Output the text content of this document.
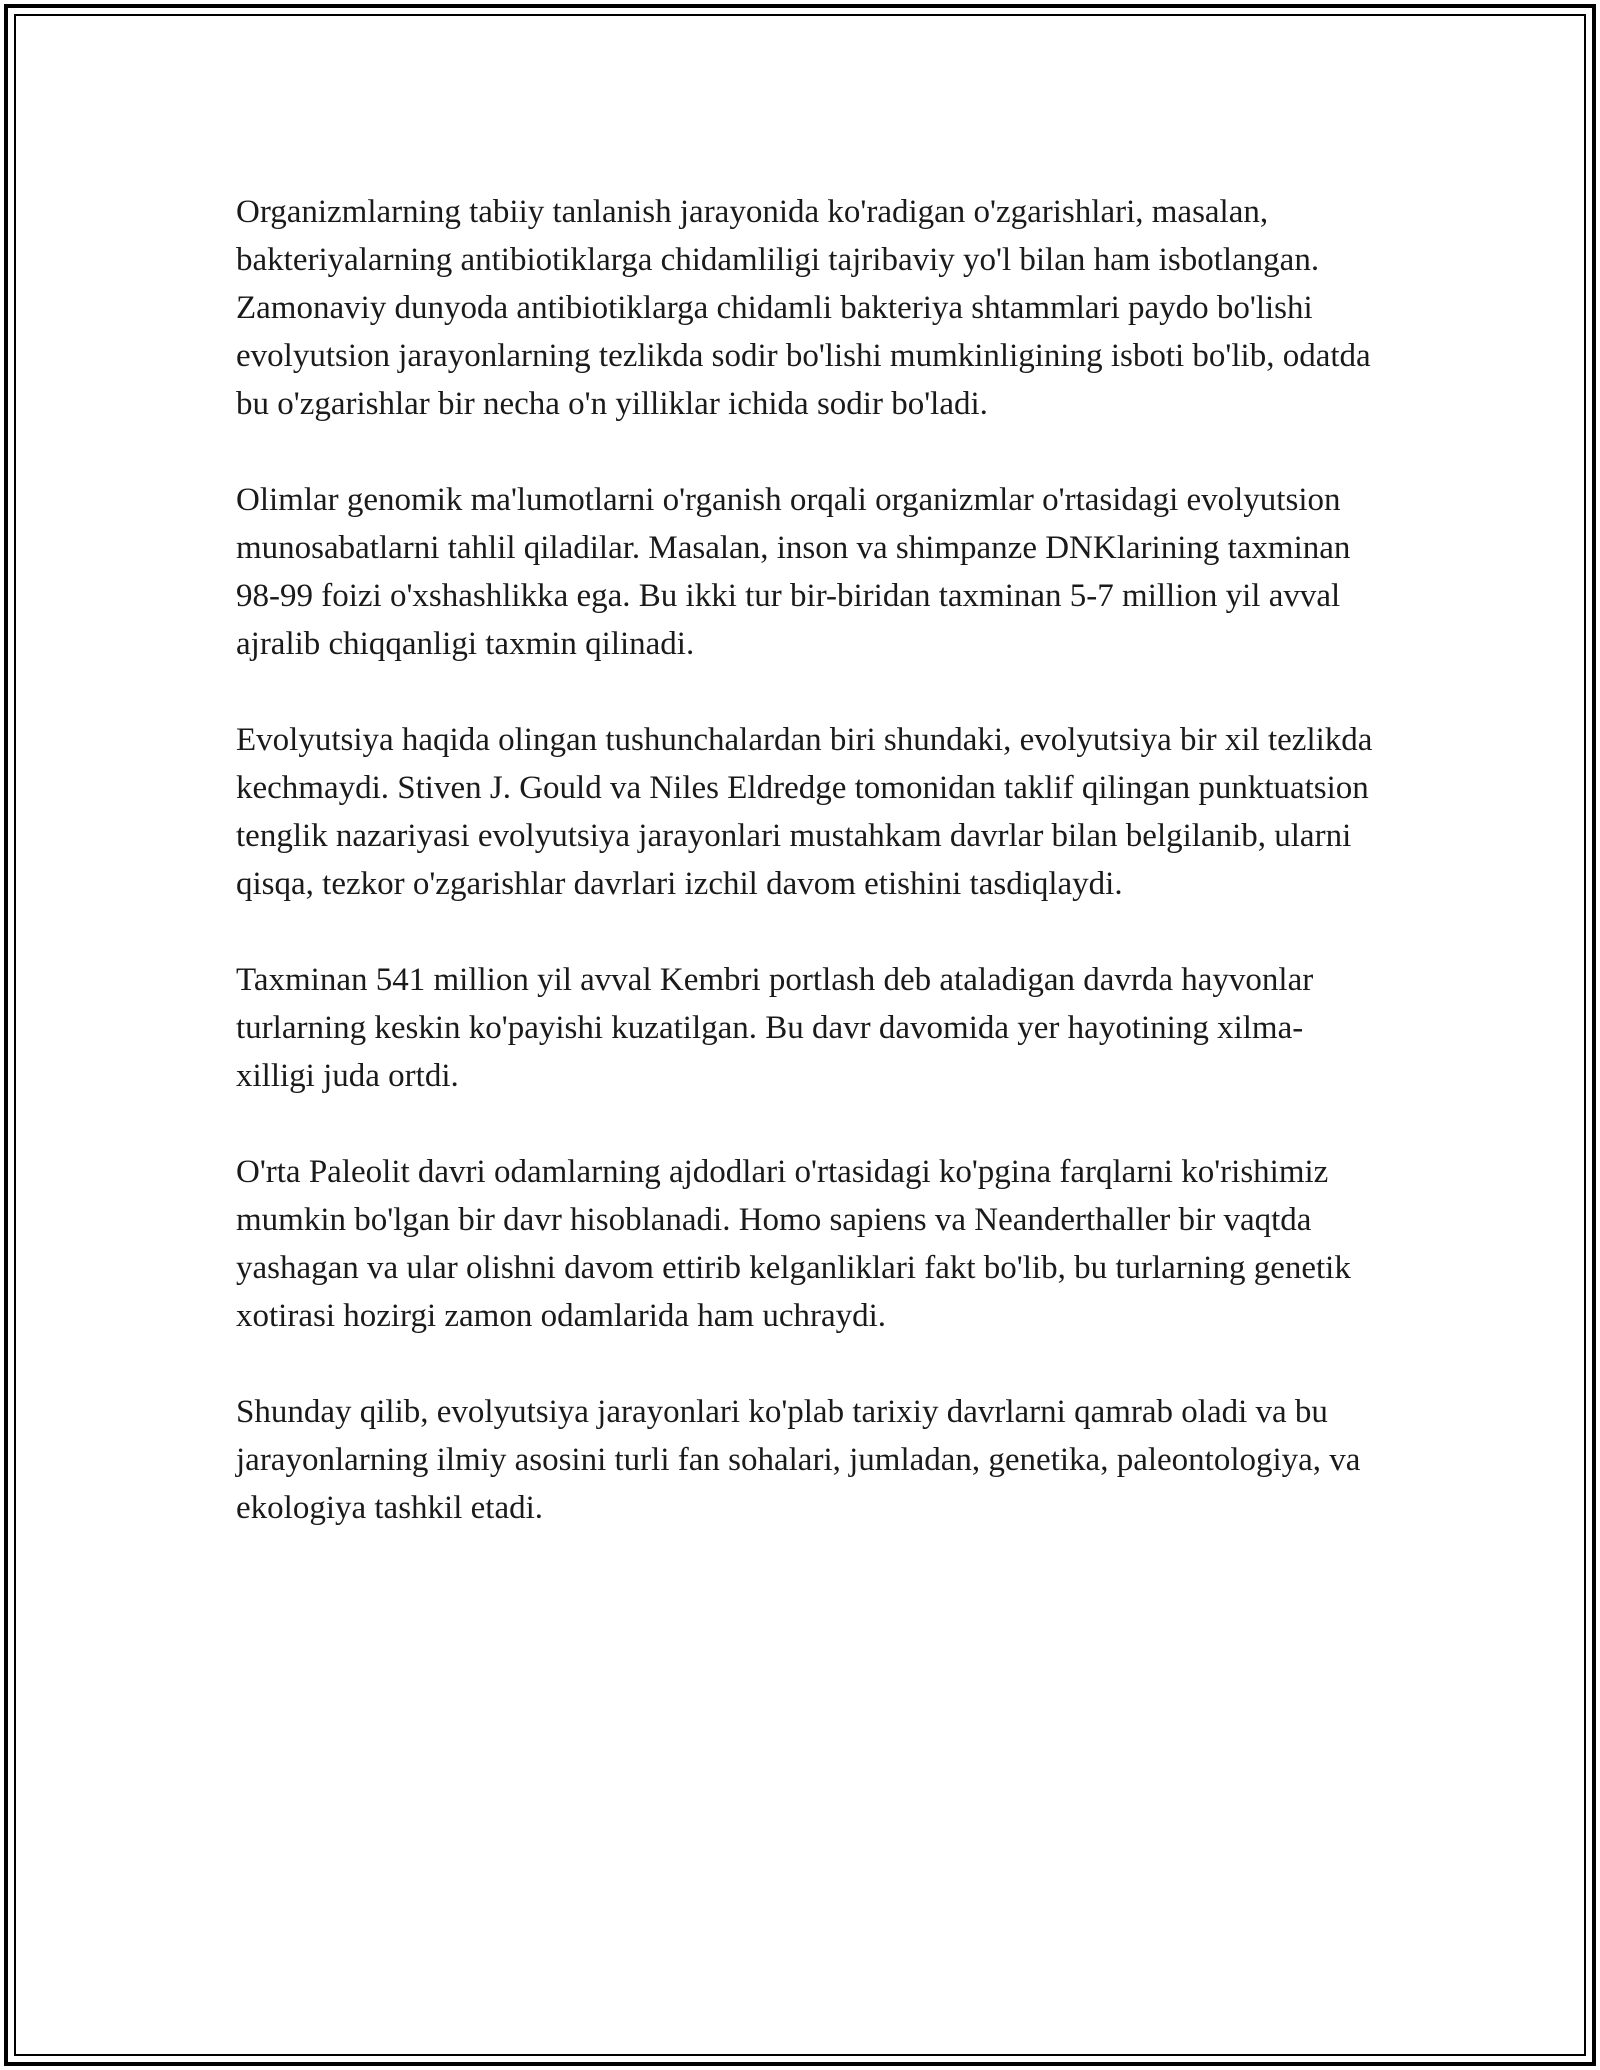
Organizmlarning tabiiy tanlanish jarayonida ko'radigan o'zgarishlari, masalan, bakteriyalarning antibiotiklarga chidamliligi tajribaviy yo'l bilan ham isbotlangan. Zamonaviy dunyoda antibiotiklarga chidamli bakteriya shtammlari paydo bo'lishi evolyutsion jarayonlarning tezlikda sodir bo'lishi mumkinligining isboti bo'lib, odatda bu o'zgarishlar bir necha o'n yilliklar ichida sodir bo'ladi.

Olimlar genomik ma'lumotlarni o'rganish orqali organizmlar o'rtasidagi evolyutsion munosabatlarni tahlil qiladilar. Masalan, inson va shimpanze DNKlarining taxminan 98-99 foizi o'xshashlikka ega. Bu ikki tur bir-biridan taxminan 5-7 million yil avval ajralib chiqqanligi taxmin qilinadi.

Evolyutsiya haqida olingan tushunchalardan biri shundaki, evolyutsiya bir xil tezlikda kechmaydi. Stiven J. Gould va Niles Eldredge tomonidan taklif qilingan punktuatsion tenglik nazariyasi evolyutsiya jarayonlari mustahkam davrlar bilan belgilanib, ularni qisqa, tezkor o'zgarishlar davrlari izchil davom etishini tasdiqlaydi.

Taxminan 541 million yil avval Kembri portlash deb ataladigan davrda hayvonlar turlarning keskin ko'payishi kuzatilgan. Bu davr davomida yer hayotining xilma-xilligi juda ortdi.

O'rta Paleolit davri odamlarning ajdodlari o'rtasidagi ko'pgina farqlarni ko'rishimiz mumkin bo'lgan bir davr hisoblanadi. Homo sapiens va Neanderthaller bir vaqtda yashagan va ular olishni davom ettirib kelganliklari fakt bo'lib, bu turlarning genetik xotirasi hozirgi zamon odamlarida ham uchraydi.

Shunday qilib, evolyutsiya jarayonlari ko'plab tarixiy davrlarni qamrab oladi va bu jarayonlarning ilmiy asosini turli fan sohalari, jumladan, genetika, paleontologiya, va ekologiya tashkil etadi.
